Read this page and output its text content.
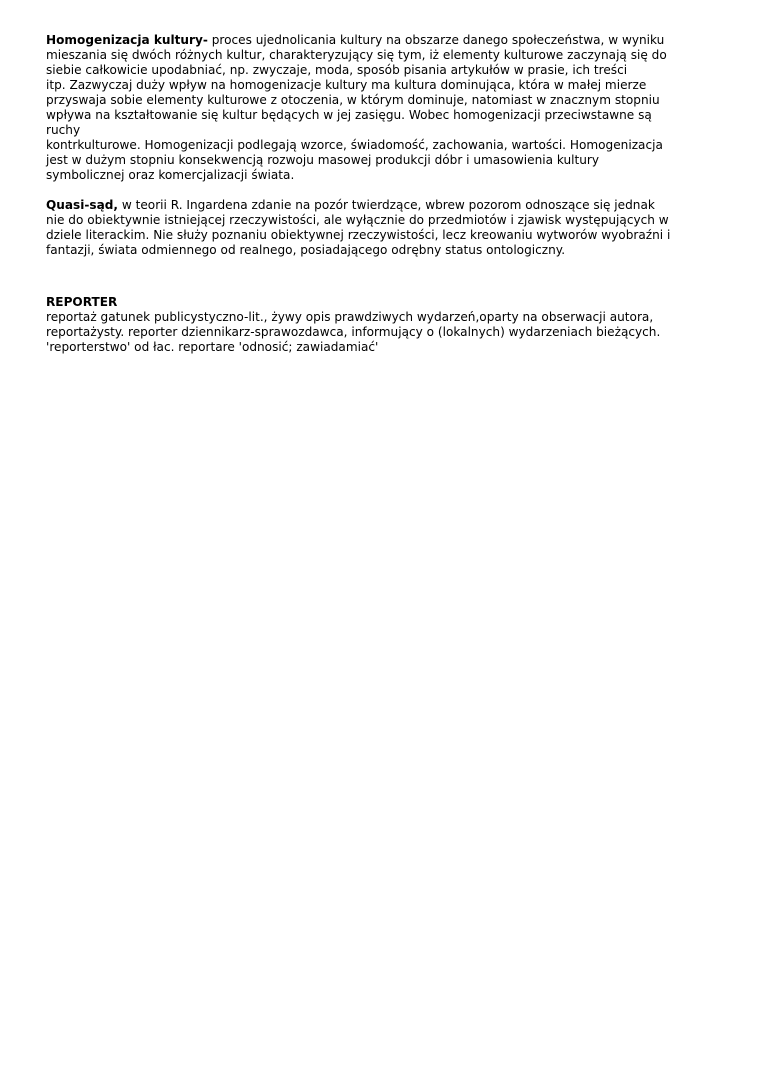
Homogenizacja kultury- proces ujednolicania kultury na obszarze danego społeczeństwa, w wyniku
mieszania się dwóch różnych kultur, charakteryzujący się tym, iż elementy kulturowe zaczynają się do
siebie całkowicie upodabniać, np. zwyczaje, moda, sposób pisania artykułów w prasie, ich treści
itp. Zazwyczaj duży wpływ na homogenizacje kultury ma kultura dominująca, która w małej mierze
przyswaja sobie elementy kulturowe z otoczenia, w którym dominuje, natomiast w znacznym stopniu
wpływa na kształtowanie się kultur będących w jej zasięgu. Wobec homogenizacji przeciwstawne są
ruchy
kontrkulturowe. Homogenizacji podlegają wzorce, świadomość, zachowania, wartości. Homogenizacja
jest w dużym stopniu konsekwencją rozwoju masowej produkcji dóbr i umasowienia kultury
symbolicznej oraz komercjalizacji świata.
Quasi-sąd, w teorii R. Ingardena zdanie na pozór twierdzące, wbrew pozorom odnoszące się jednak
nie do obiektywnie istniejącej rzeczywistości, ale wyłącznie do przedmiotów i zjawisk występujących w
dziele literackim. Nie służy poznaniu obiektywnej rzeczywistości, lecz kreowaniu wytworów wyobraźni i
fantazji, świata odmiennego od realnego, posiadającego odrębny status ontologiczny.
REPORTER
reportaż gatunek publicystyczno-lit., żywy opis prawdziwych wydarzeń,oparty na obserwacji autora,
reportażysty. reporter dziennikarz-sprawozdawca, informujący o (lokalnych) wydarzeniach bieżących.
'reporterstwo' od łac. reportare 'odnosić; zawiadamiać'
